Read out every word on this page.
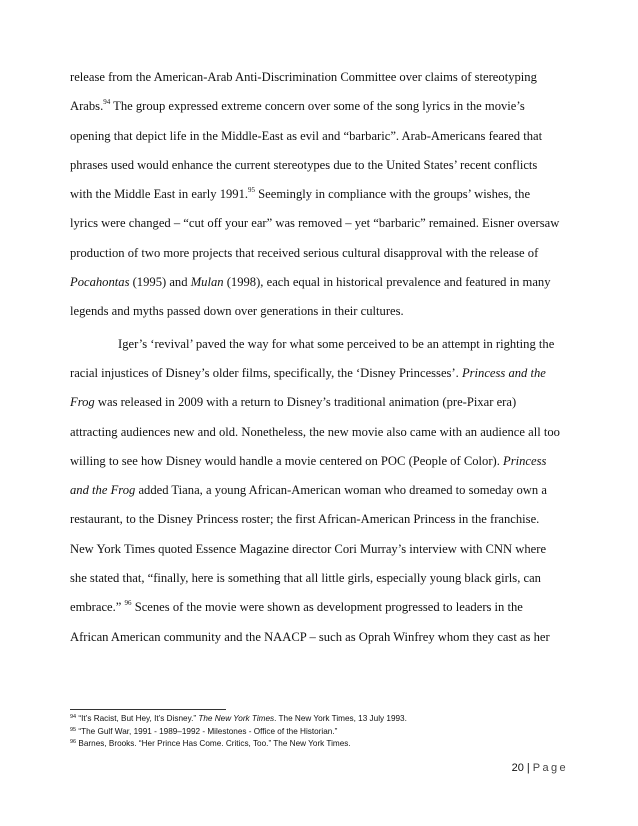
release from the American-Arab Anti-Discrimination Committee over claims of stereotyping
Arabs.$^{94}$ The group expressed extreme concern over some of the song lyrics in the movie’s
opening that depict life in the Middle-East as evil and “barbaric”. Arab-Americans feared that
phrases used would enhance the current stereotypes due to the United States’ recent conflicts
with the Middle East in early 1991.95 Seemingly in compliance with the groups’ wishes, the
lyrics were changed – “cut off your ear” was removed – yet “barbaric” remained. Eisner oversaw
production of two more projects that received serious cultural disapproval with the release of
Pocahontas (1995) and Mulan (1998), each equal in historical prevalence and featured in many
legends and myths passed down over generations in their cultures.
Iger’s ‘revival’ paved the way for what some perceived to be an attempt in righting the
racial injustices of Disney’s older films, specifically, the ‘Disney Princesses’. Princess and the
Frog was released in 2009 with a return to Disney’s traditional animation (pre-Pixar era)
attracting audiences new and old. Nonetheless, the new movie also came with an audience all too
willing to see how Disney would handle a movie centered on POC (People of Color). Princess
and the Frog added Tiana, a young African-American woman who dreamed to someday own a
restaurant, to the Disney Princess roster; the first African-American Princess in the franchise.
New York Times quoted Essence Magazine director Cori Murray’s interview with CNN where
she stated that, “finally, here is something that all little girls, especially young black girls, can
embrace.” $^{96}$ Scenes of the movie were shown as development progressed to leaders in the
African American community and the NAACP – such as Oprah Winfrey whom they cast as her
$^{94}$ “It’s Racist, But Hey, It’s Disney.” The New York Times. The New York Times, 13 July 1993.
$^{95}$ “The Gulf War, 1991 - 1989–1992 - Milestones - Office of the Historian.”
$^{96}$ Barnes, Brooks. “Her Prince Has Come. Critics, Too.” The New York Times.
20 | Page
